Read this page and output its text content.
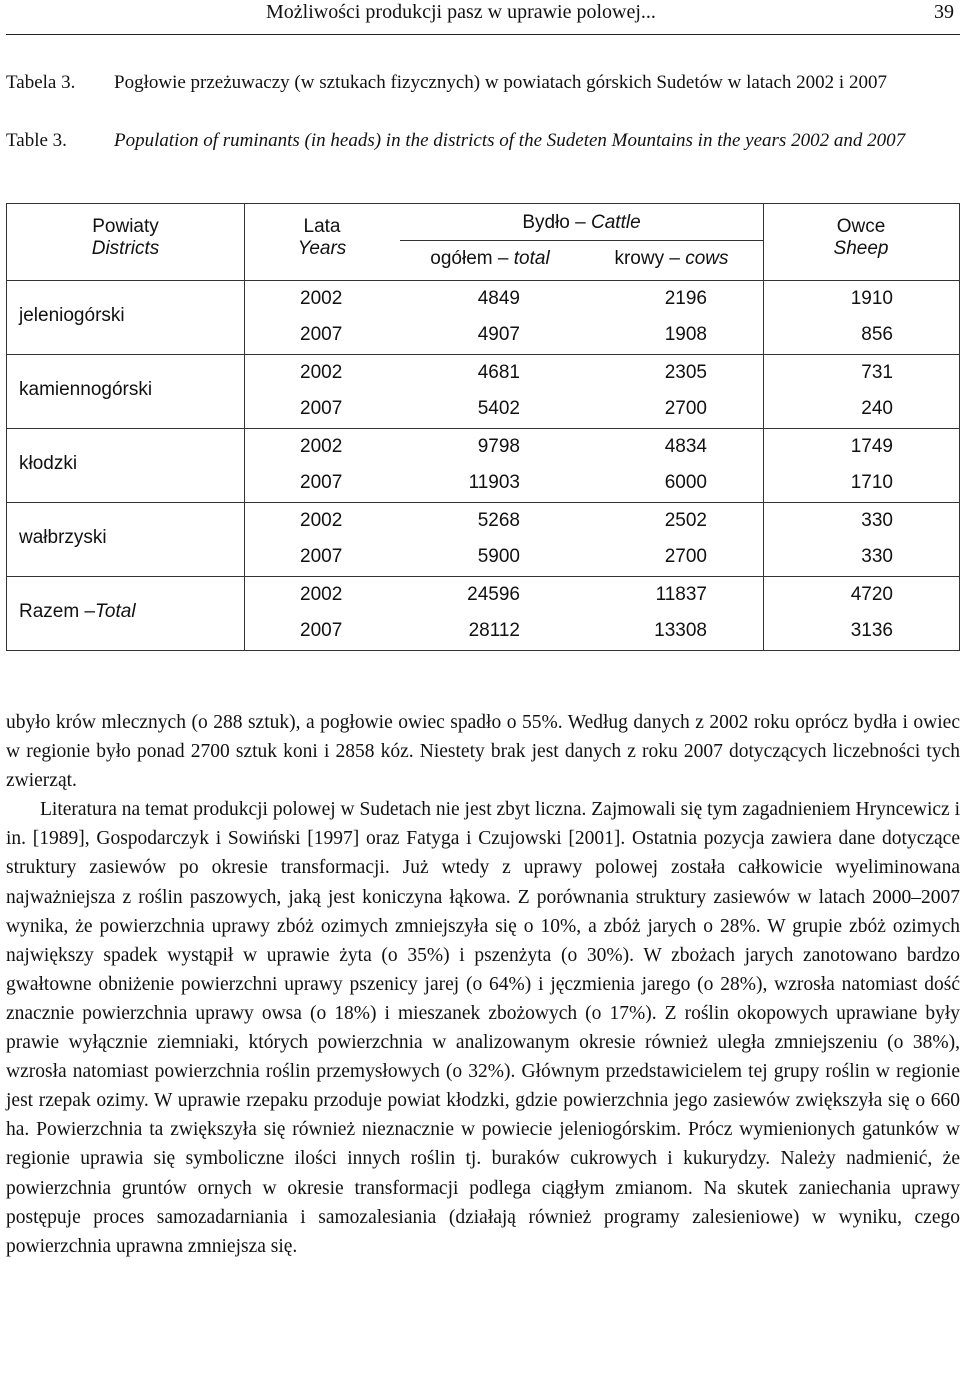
Możliwości produkcji pasz w uprawie polowej...	39
Tabela 3. Pogłowie przeżuwaczy (w sztukach fizycznych) w powiatach górskich Sudetów w latach 2002 i 2007
Table 3. Population of ruminants (in heads) in the districts of the Sudeten Mountains in the years 2002 and 2007
Powiaty
Districts
Lata
Years
Bydło – Cattle
ogółem – total	krowy – cows
Owce
Sheep
jeleniogórski
2002	4849	2196	1910
2007	4907	1908	856
kamiennogórski
2002	4681	2305	731
2007	5402	2700	240
kłodzki
2002	9798	4834	1749
2007	11903	6000	1710
wałbrzyski
2002	5268	2502	330
2007	5900	2700	330
Razem –Total
2002	24596	11837	4720
2007	28112	13308	3136

ubyło krów mlecznych (o 288 sztuk), a pogłowie owiec spadło o 55%. Według danych z 2002 roku oprócz bydła i owiec w regionie było ponad 2700 sztuk koni i 2858 kóz. Niestety brak jest danych z roku 2007 dotyczących liczebności tych zwierząt.

Literatura na temat produkcji polowej w Sudetach nie jest zbyt liczna. Zajmowali się tym zagadnieniem Hryncewicz i in. [1989], Gospodarczyk i Sowiński [1997] oraz Fatyga i Czujowski [2001]. Ostatnia pozycja zawiera dane dotyczące struktury zasiewów po okresie transformacji. Już wtedy z uprawy polowej została całkowicie wyeliminowana najważniejsza z roślin paszowych, jaką jest koniczyna łąkowa. Z porównania struktury zasiewów w latach 2000–2007 wynika, że powierzchnia uprawy zbóż ozimych zmniejszyła się o 10%, a zbóż jarych o 28%. W grupie zbóż ozimych największy spadek wystąpił w uprawie żyta (o 35%) i pszenżyta (o 30%). W zbożach jarych zanotowano bardzo gwałtowne obniżenie powierzchni uprawy pszenicy jarej (o 64%) i jęczmienia jarego (o 28%), wzrosła natomiast dość znacznie powierzchnia uprawy owsa (o 18%) i mieszanek zbożowych (o 17%). Z roślin okopowych uprawiane były prawie wyłącznie ziemniaki, których powierzchnia w analizowanym okresie również uległa zmniejszeniu (o 38%), wzrosła natomiast powierzchnia roślin przemysłowych (o 32%). Głównym przedstawicielem tej grupy roślin w regionie jest rzepak ozimy. W uprawie rzepaku przoduje powiat kłodzki, gdzie powierzchnia jego zasiewów zwiększyła się o 660 ha. Powierzchnia ta zwiększyła się również nieznacznie w powiecie jeleniogórskim. Prócz wymienionych gatunków w regionie uprawia się symboliczne ilości innych roślin tj. buraków cukrowych i kukurydzy. Należy nadmienić, że powierzchnia gruntów ornych w okresie transformacji podlega ciągłym zmianom. Na skutek zaniechania uprawy postępuje proces samozadarniania i samozalesiania (działają również programy zalesieniowe) w wyniku, czego powierzchnia uprawna zmniejsza się.
